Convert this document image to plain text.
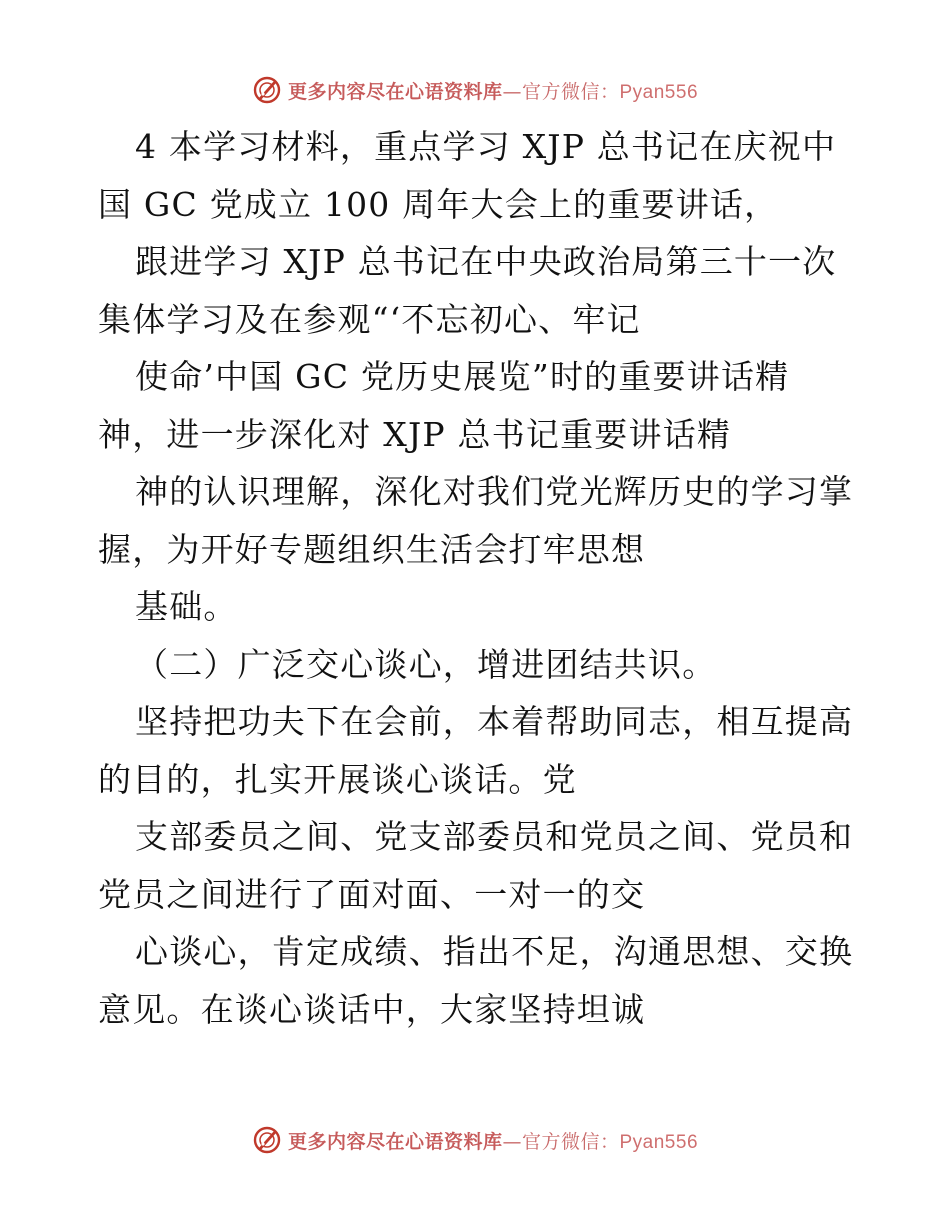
更多内容尽在心语资料库—官方微信：Pyan556
4 本学习材料，重点学习 XJP 总书记在庆祝中
国 GC 党成立 100 周年大会上的重要讲话，
跟进学习 XJP 总书记在中央政治局第三十一次
集体学习及在参观“‘不忘初心、牢记
使命’中国 GC 党历史展览”时的重要讲话精
神，进一步深化对 XJP 总书记重要讲话精
神的认识理解，深化对我们党光辉历史的学习掌
握，为开好专题组织生活会打牢思想
基础。
（二）广泛交心谈心，增进团结共识。
坚持把功夫下在会前，本着帮助同志，相互提高
的目的，扎实开展谈心谈话。党
支部委员之间、党支部委员和党员之间、党员和
党员之间进行了面对面、一对一的交
心谈心，肯定成绩、指出不足，沟通思想、交换
意见。在谈心谈话中，大家坚持坦诚
更多内容尽在心语资料库—官方微信：Pyan556
